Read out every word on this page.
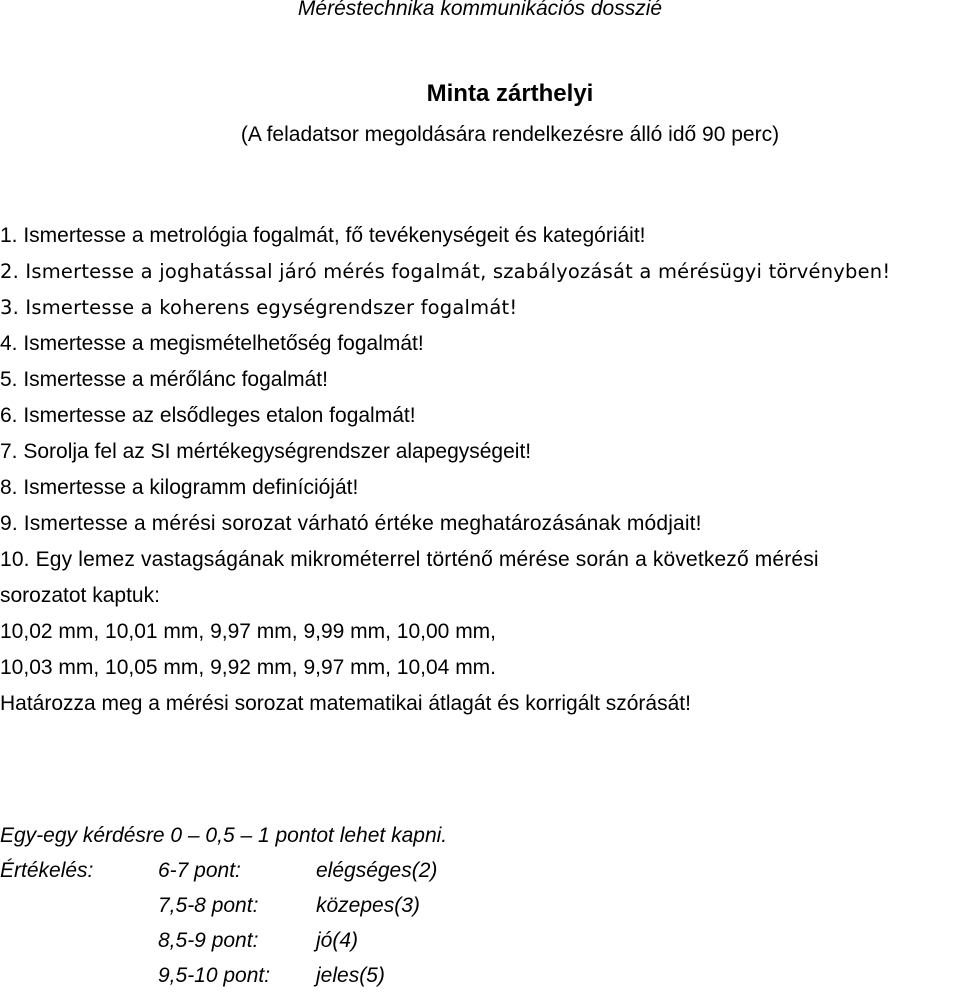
Méréstechnika kommunikációs dosszié
Minta zárthelyi
(A feladatsor megoldására rendelkezésre álló idő 90 perc)
1. Ismertesse a metrológia fogalmát, fő tevékenységeit és kategóriáit!
2. Ismertesse a joghatással járó mérés fogalmát, szabályozását a mérésügyi törvényben!
3. Ismertesse a koherens egységrendszer fogalmát!
4. Ismertesse a megismételhetőség fogalmát!
5. Ismertesse a mérőlánc fogalmát!
6. Ismertesse az elsődleges etalon fogalmát!
7. Sorolja fel az SI mértékegységrendszer alapegységeit!
8. Ismertesse a kilogramm definícióját!
9. Ismertesse a mérési sorozat várható értéke meghatározásának módjait!
10. Egy lemez vastagságának mikrométerrel történő mérése során a következő mérési
sorozatot kaptuk:
10,02 mm, 10,01 mm, 9,97 mm, 9,99 mm, 10,00 mm,
10,03 mm, 10,05 mm, 9,92 mm, 9,97 mm, 10,04 mm.
Határozza meg a mérési sorozat matematikai átlagát és korrigált szórását!
Egy-egy kérdésre 0 – 0,5 – 1 pontot lehet kapni.
Értékelés:	6-7 pont:	elégséges(2)
7,5-8 pont:	közepes(3)
8,5-9 pont:	jó(4)
9,5-10 pont: jeles(5)
